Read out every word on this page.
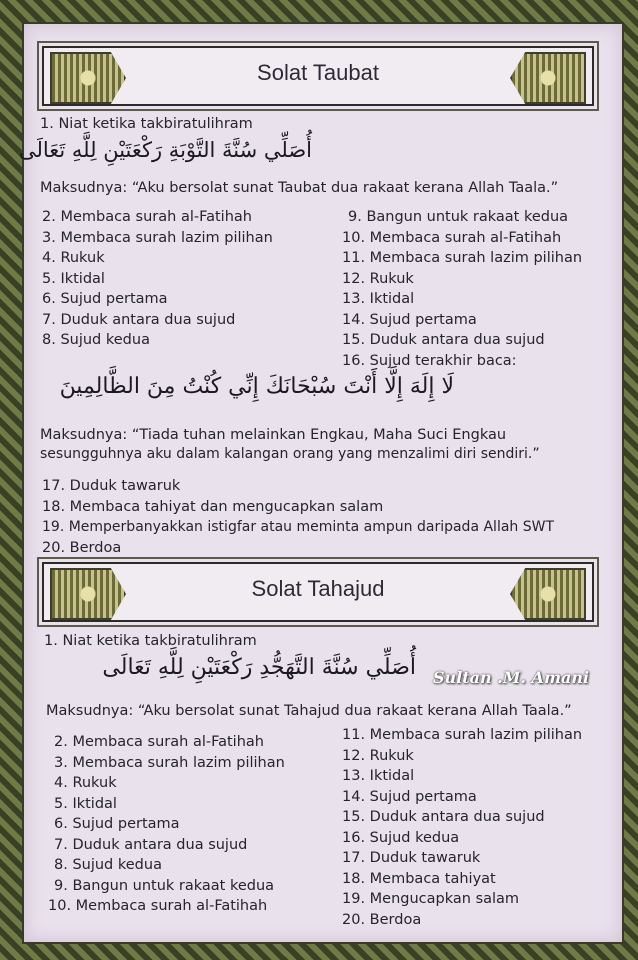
Solat Taubat
1. Niat ketika takbiratulihram
أُصَلِّي سُنَّةَ التَّوْبَةِ رَكْعَتَيْنِ لِلَّهِ تَعَالَى
Maksudnya: “Aku bersolat sunat Taubat dua rakaat kerana Allah Taala.”
2. Membaca surah al-Fatihah
3. Membaca surah lazim pilihan
4. Rukuk
5. Iktidal
6. Sujud pertama
7. Duduk antara dua sujud
8. Sujud kedua
9. Bangun untuk rakaat kedua
10. Membaca surah al-Fatihah
11. Membaca surah lazim pilihan
12. Rukuk
13. Iktidal
14. Sujud pertama
15. Duduk antara dua sujud
16. Sujud terakhir baca:
لَا إِلَهَ إِلَّا أَنْتَ سُبْحَانَكَ إِنِّي كُنْتُ مِنَ الظَّالِمِينَ
Maksudnya: “Tiada tuhan melainkan Engkau, Maha Suci Engkau
sesungguhnya aku dalam kalangan orang yang menzalimi diri sendiri.”
17. Duduk tawaruk
18. Membaca tahiyat dan mengucapkan salam
19. Memperbanyakkan istigfar atau meminta ampun daripada Allah SWT
20. Berdoa
Solat Tahajud
1. Niat ketika takbiratulihram
أُصَلِّي سُنَّةَ التَّهَجُّدِ رَكْعَتَيْنِ لِلَّهِ تَعَالَى Sultan .M. Amani
Maksudnya: “Aku bersolat sunat Tahajud dua rakaat kerana Allah Taala.”
2. Membaca surah al-Fatihah
3. Membaca surah lazim pilihan
4. Rukuk
5. Iktidal
6. Sujud pertama
7. Duduk antara dua sujud
8. Sujud kedua
9. Bangun untuk rakaat kedua
10. Membaca surah al-Fatihah
11. Membaca surah lazim pilihan
12. Rukuk
13. Iktidal
14. Sujud pertama
15. Duduk antara dua sujud
16. Sujud kedua
17. Duduk tawaruk
18. Membaca tahiyat
19. Mengucapkan salam
20. Berdoa
